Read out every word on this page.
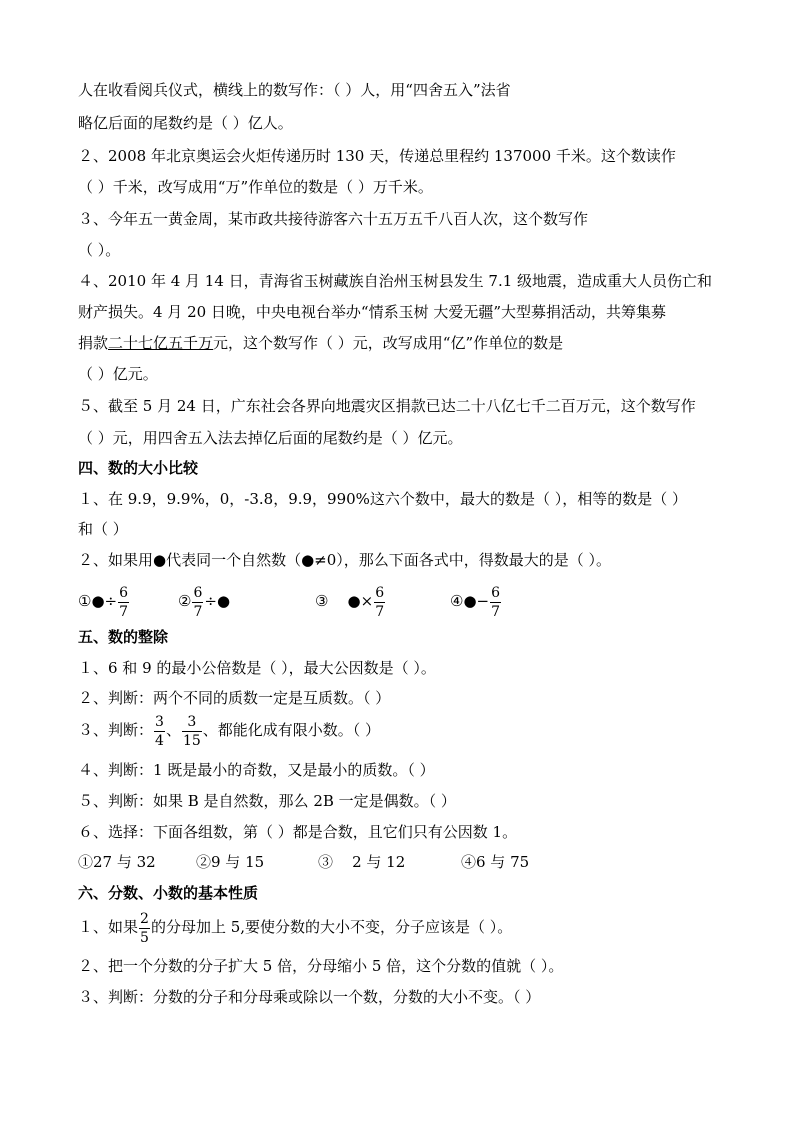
人在收看阅兵仪式，横线上的数写作：（ ）人，用“四舍五入”法省
略亿后面的尾数约是（ ）亿人。
２、2008 年北京奥运会火炬传递历时 130 天，传递总里程约 137000 千米。这个数读作
（ ）千米，改写成用“万”作单位的数是（ ）万千米。
３、今年五一黄金周，某市政共接待游客六十五万五千八百人次，这个数写作
（ ）。
４、2010 年 4 月 14 日，青海省玉树藏族自治州玉树县发生 7.1 级地震，造成重大人员伤亡和
财产损失。4 月 20 日晚，中央电视台举办“情系玉树 大爱无疆”大型募捐活动，共筹集募
捐款二十七亿五千万元，这个数写作（ ）元，改写成用“亿”作单位的数是
（ ）亿元。
５、截至 5 月 24 日，广东社会各界向地震灾区捐款已达二十八亿七千二百万元，这个数写作
（ ）元，用四舍五入法去掉亿后面的尾数约是（ ）亿元。
四、数的大小比较
１、在 9.9，9.9%，0，-3.8，9.9，990%这六个数中，最大的数是（ ），相等的数是（ ）
和（ ）
２、如果用●代表同一个自然数（●≠0），那么下面各式中，得数最大的是（ ）。
①●÷ $\frac{6}{7}$	② $\frac{6}{7}$ ÷●	③    ●× $\frac{6}{7}$	④●− $\frac{6}{7}$
五、数的整除
１、6 和 9 的最小公倍数是（ ），最大公因数是（ ）。
２、判断：两个不同的质数一定是互质数。（ ）
３、判断： $\frac{3}{4}$ 、 $\frac{3}{15}$ 、都能化成有限小数。（ ）
４、判断：1 既是最小的奇数，又是最小的质数。（ ）
５、判断：如果 B 是自然数，那么 2B 一定是偶数。（ ）
６、选择：下面各组数，第（ ）都是合数，且它们只有公因数 1。
①27 与 32	②9 与 15	③    2 与 12	④6 与 75
六、分数、小数的基本性质
１、如果 $\frac{2}{5}$ 的分母加上 5,要使分数的大小不变，分子应该是（ ）。
２、把一个分数的分子扩大 5 倍，分母缩小 5 倍，这个分数的值就（ ）。
３、判断：分数的分子和分母乘或除以一个数，分数的大小不变。（ ）
